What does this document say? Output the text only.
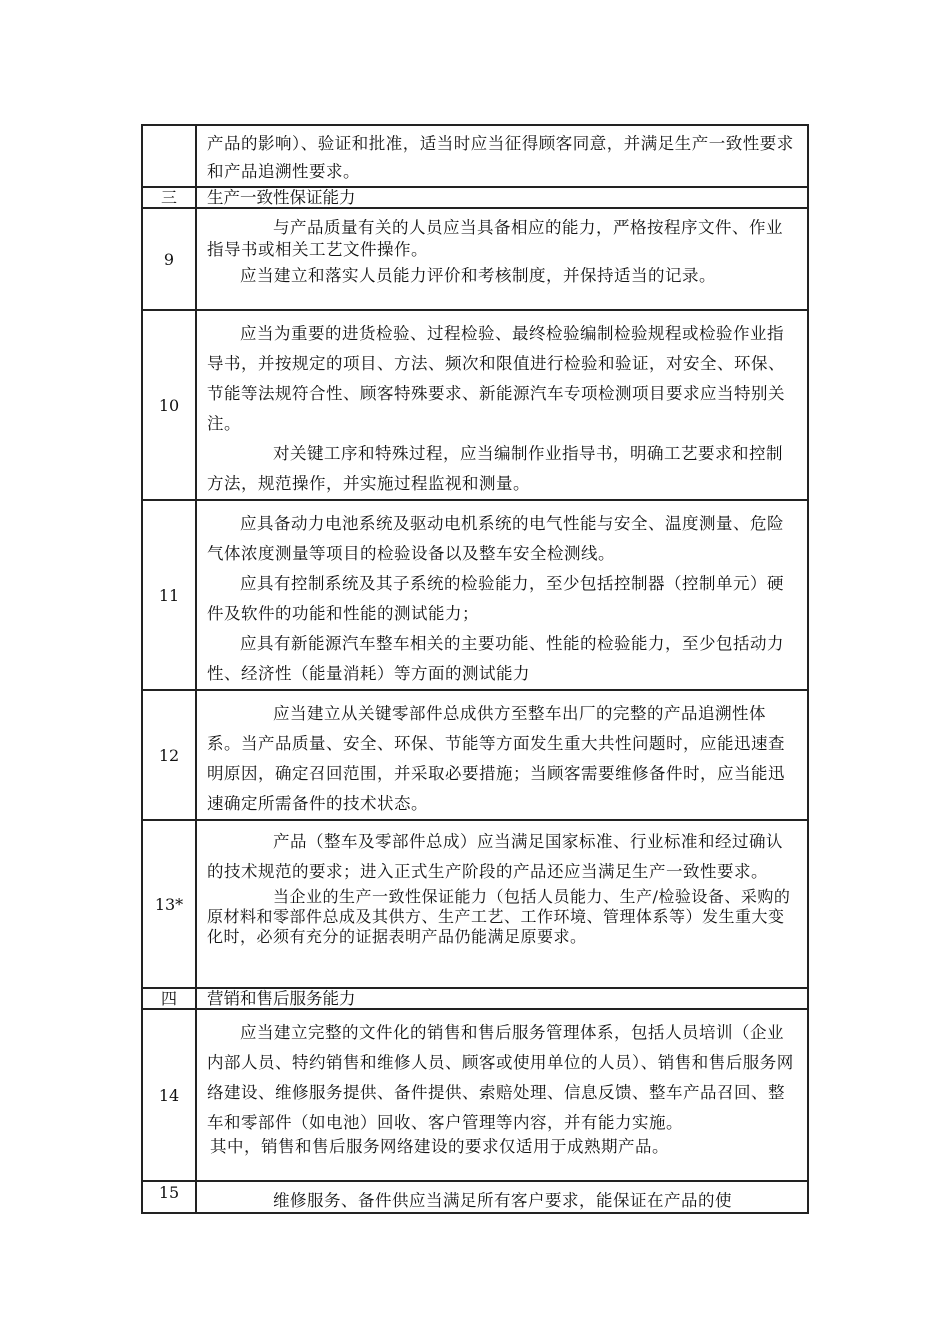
	产品的影响）、验证和批准，适当时应当征得顾客同意，并满足生产一致性要求和产品追溯性要求。

三	生产一致性保证能力
9	与产品质量有关的人员应当具备相应的能力，严格按程序文件、作业指导书或相关工艺文件操作。

应当建立和落实人员能力评价和考核制度，并保持适当的记录。

10	应当为重要的进货检验、过程检验、最终检验编制检验规程或检验作业指导书，并按规定的项目、方法、频次和限值进行检验和验证，对安全、环保、节能等法规符合性、顾客特殊要求、新能源汽车专项检测项目要求应当特别关注。

对关键工序和特殊过程，应当编制作业指导书，明确工艺要求和控制方法，规范操作，并实施过程监视和测量。

11	应具备动力电池系统及驱动电机系统的电气性能与安全、温度测量、危险气体浓度测量等项目的检验设备以及整车安全检测线。

应具有控制系统及其子系统的检验能力，至少包括控制器（控制单元）硬件及软件的功能和性能的测试能力；

应具有新能源汽车整车相关的主要功能、性能的检验能力，至少包括动力性、经济性（能量消耗）等方面的测试能力

12	应当建立从关键零部件总成供方至整车出厂的完整的产品追溯性体系。当产品质量、安全、环保、节能等方面发生重大共性问题时，应能迅速查明原因，确定召回范围，并采取必要措施；当顾客需要维修备件时，应当能迅速确定所需备件的技术状态。

13*	产品（整车及零部件总成）应当满足国家标准、行业标准和经过确认的技术规范的要求；进入正式生产阶段的产品还应当满足生产一致性要求。

当企业的生产一致性保证能力（包括人员能力、生产/检验设备、采购的原材料和零部件总成及其供方、生产工艺、工作环境、管理体系等）发生重大变化时，必须有充分的证据表明产品仍能满足原要求。

四	营销和售后服务能力
14	应当建立完整的文件化的销售和售后服务管理体系，包括人员培训（企业内部人员、特约销售和维修人员、顾客或使用单位的人员）、销售和售后服务网络建设、维修服务提供、备件提供、索赔处理、信息反馈、整车产品召回、整车和零部件（如电池）回收、客户管理等内容，并有能力实施。

其中，销售和售后服务网络建设的要求仅适用于成熟期产品。

15	维修服务、备件供应当满足所有客户要求，能保证在产品的使
